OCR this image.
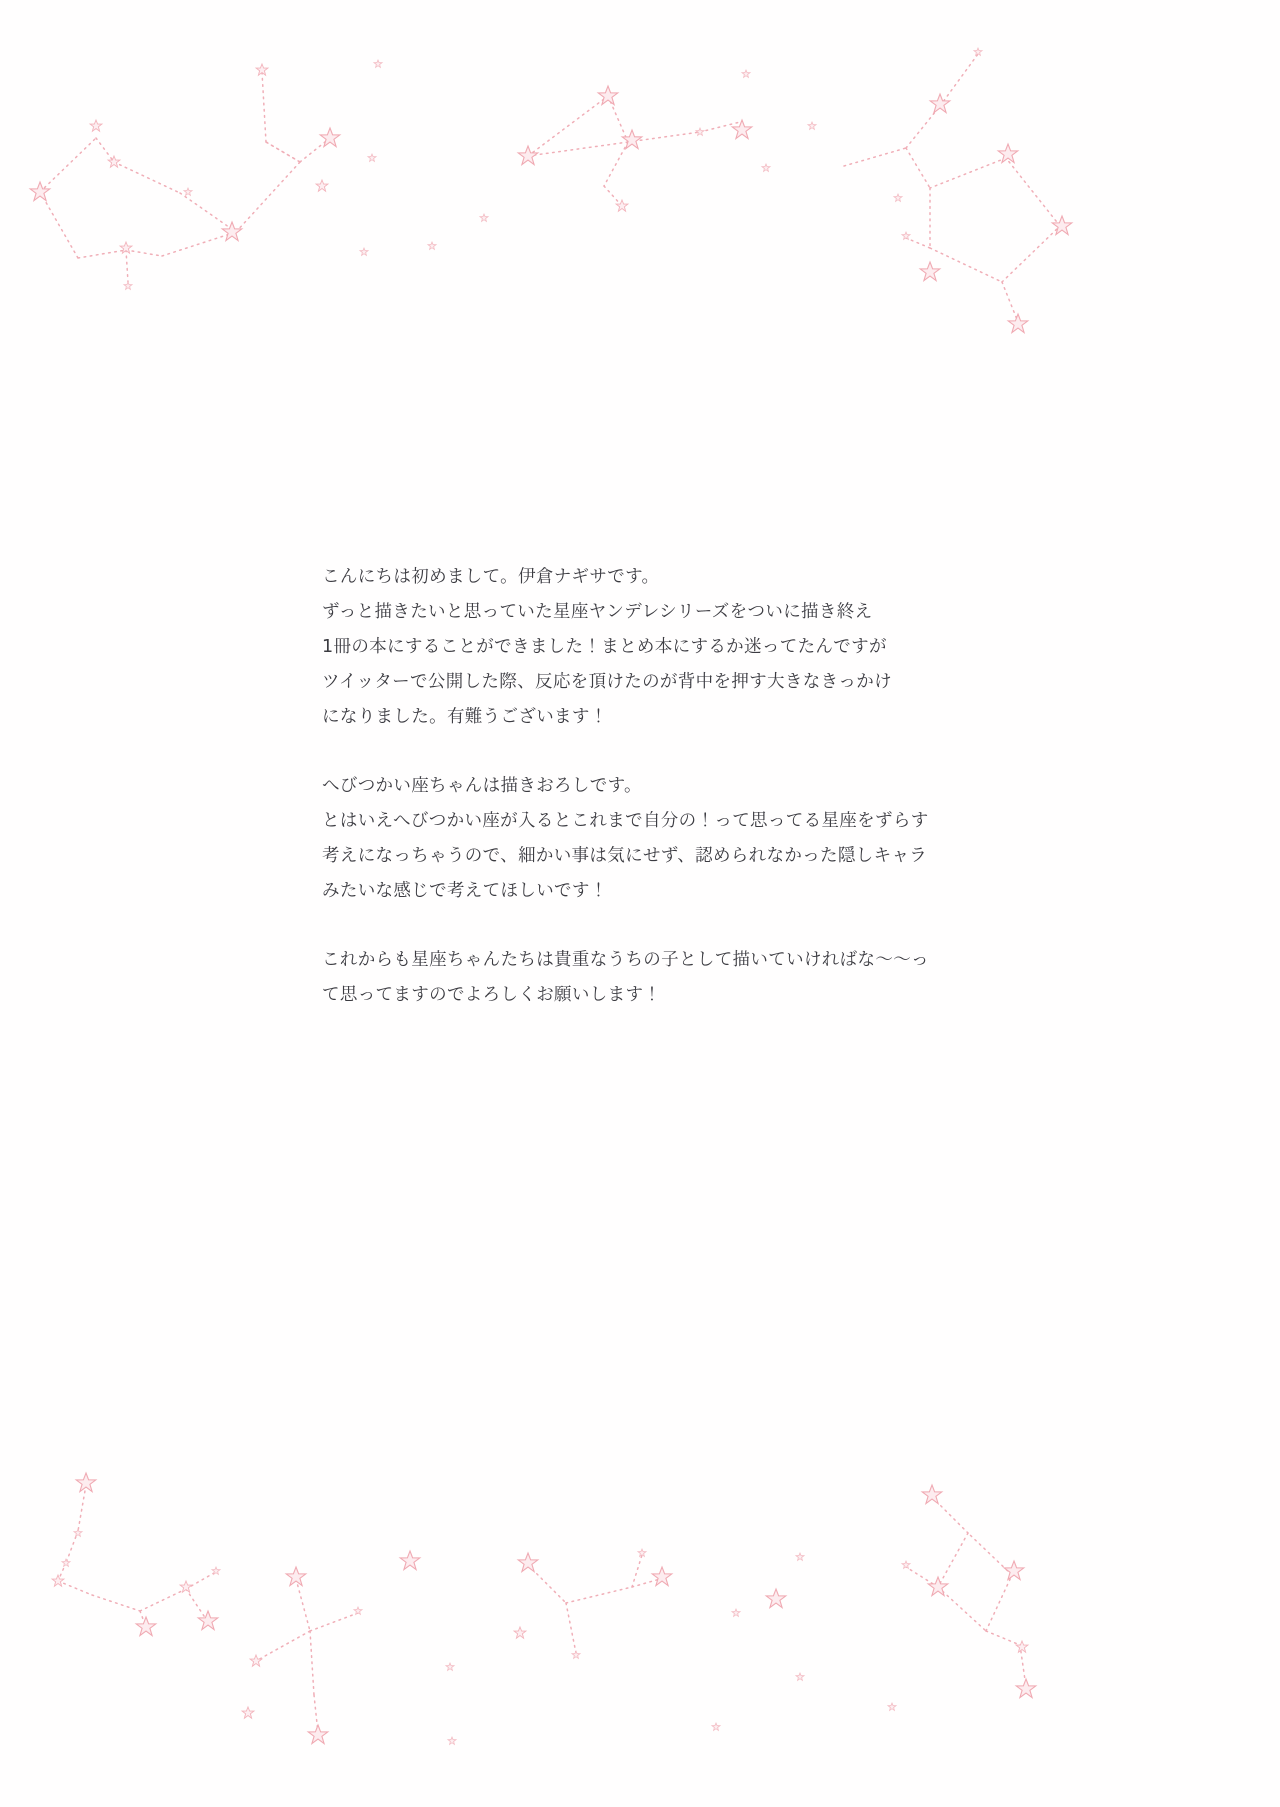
こんにちは初めまして。伊倉ナギサです。
ずっと描きたいと思っていた星座ヤンデレシリーズをついに描き終え
1冊の本にすることができました！まとめ本にするか迷ってたんですが
ツイッターで公開した際、反応を頂けたのが背中を押す大きなきっかけ
になりました。有難うございます！

へびつかい座ちゃんは描きおろしです。
とはいえへびつかい座が入るとこれまで自分の！って思ってる星座をずらす
考えになっちゃうので、細かい事は気にせず、認められなかった隠しキャラ
みたいな感じで考えてほしいです！

これからも星座ちゃんたちは貴重なうちの子として描いていければな〜〜っ
て思ってますのでよろしくお願いします！
